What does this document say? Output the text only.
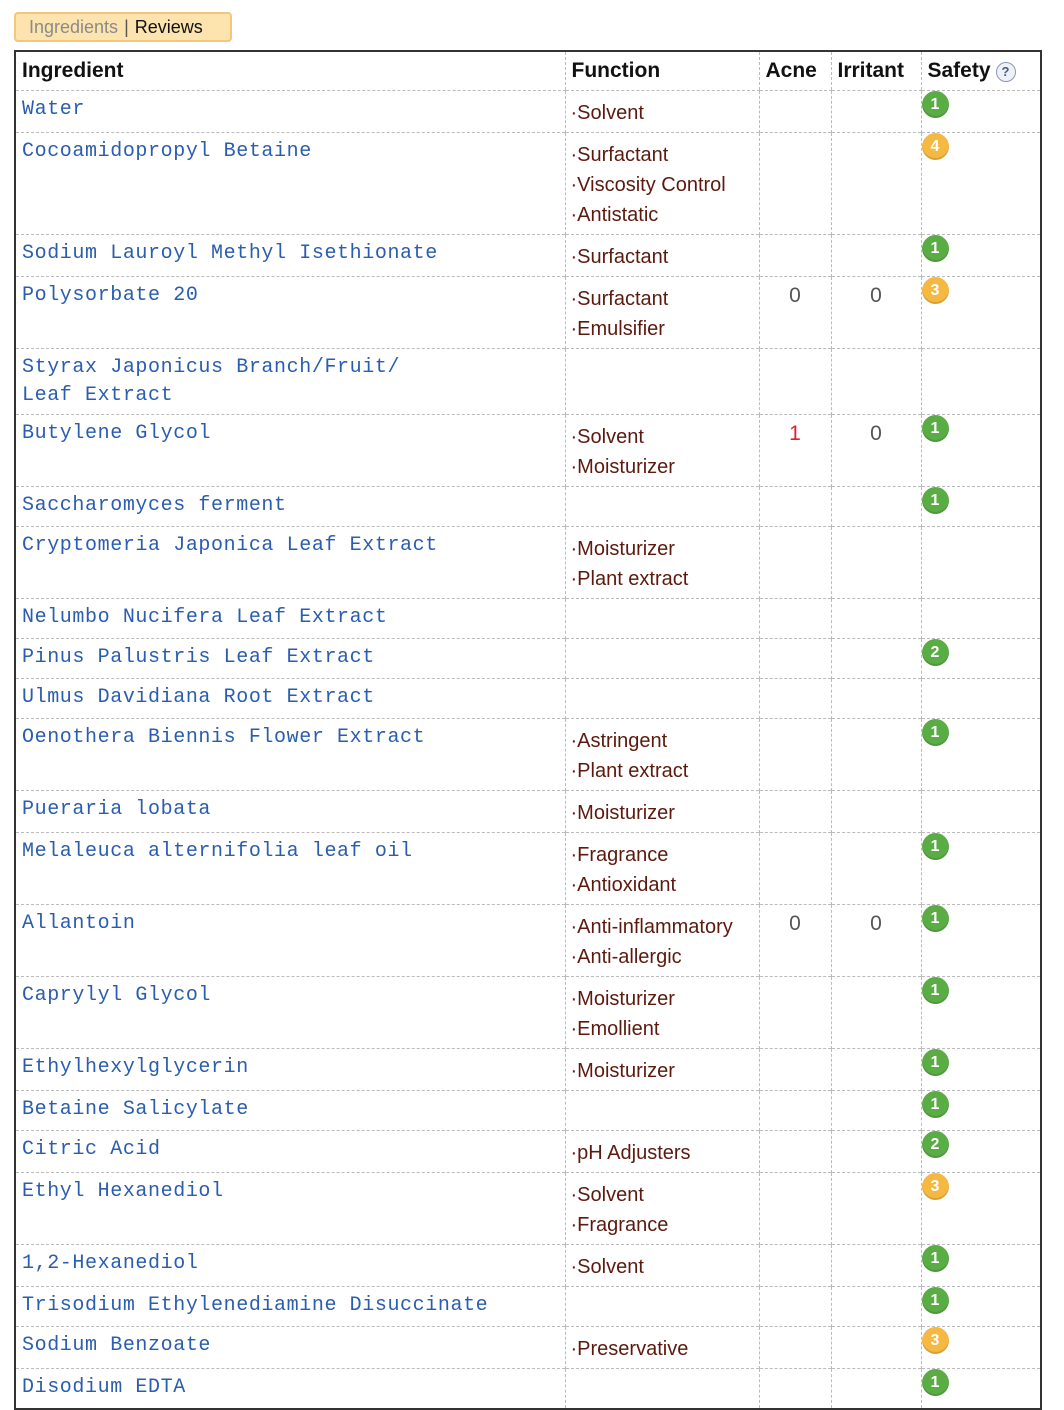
Ingredients | Reviews
Ingredient	Function	Acne	Irritant	Safety ?

Water	·Solvent			1

Cocoamidopropyl Betaine	·Surfactant
·Viscosity Control
·Antistatic			4

Sodium Lauroyl Methyl Isethionate	·Surfactant			1

Polysorbate 20	·Surfactant
·Emulsifier	0	0	3

Styrax Japonicus Branch/Fruit/
Leaf Extract				

Butylene Glycol	·Solvent
·Moisturizer	1	0	1

Saccharomyces ferment				1

Cryptomeria Japonica Leaf Extract	·Moisturizer
·Plant extract			

Nelumbo Nucifera Leaf Extract				

Pinus Palustris Leaf Extract				2

Ulmus Davidiana Root Extract				

Oenothera Biennis Flower Extract	·Astringent
·Plant extract			1

Pueraria lobata	·Moisturizer			

Melaleuca alternifolia leaf oil	·Fragrance
·Antioxidant			1

Allantoin	·Anti-inflammatory
·Anti-allergic	0	0	1

Caprylyl Glycol	·Moisturizer
·Emollient			1

Ethylhexylglycerin	·Moisturizer			1

Betaine Salicylate				1

Citric Acid	·pH Adjusters			2

Ethyl Hexanediol	·Solvent
·Fragrance			3

1,2-Hexanediol	·Solvent			1

Trisodium Ethylenediamine Disuccinate				1

Sodium Benzoate	·Preservative			3

Disodium EDTA				1
